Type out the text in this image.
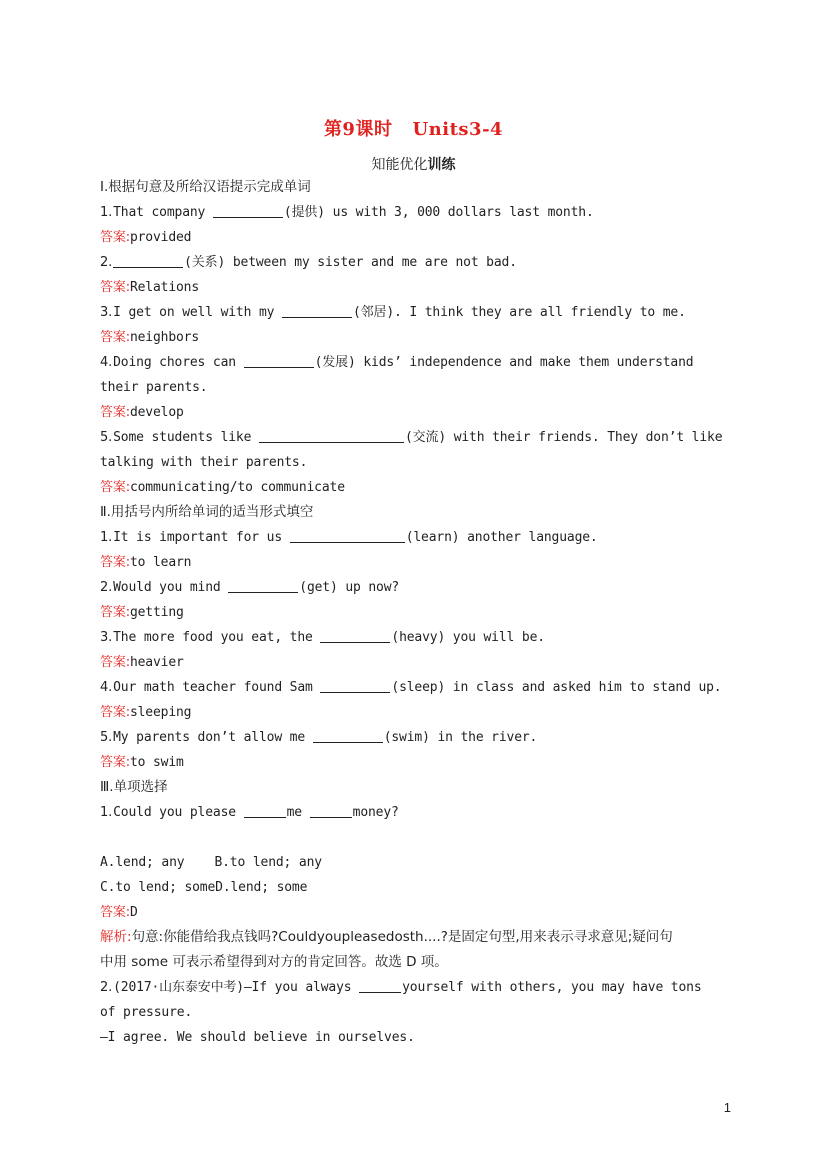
第9课时 Units3-4
知能优化训练
Ⅰ.根据句意及所给汉语提示完成单词
1.That company	(提供) us with 3, 000 dollars last month.
答案:provided
2.	(关系) between my sister and me are not bad.
答案:Relations
3.I get on well with my	(邻居). I think they are all friendly to me.
答案:neighbors
4.Doing chores can	(发展) kids’ independence and make them understand
their parents.
答案:develop
5.Some students like	(交流) with their friends. They don’t like
talking with their parents.
答案:communicating/to communicate
Ⅱ.用括号内所给单词的适当形式填空
1.It is important for us	(learn) another language.
答案:to learn
2.Would you mind	(get) up now?
答案:getting
3.The more food you eat, the	(heavy) you will be.
答案:heavier
4.Our math teacher found Sam	(sleep) in class and asked him to stand up.
答案:sleeping
5.My parents don’t allow me	(swim) in the river.
答案:to swim
Ⅲ.单项选择
1.Could you please	me	money?
A.lend; any B.to lend; any
C.to lend; someD.lend; some
答案:D
解析:句意:你能借给我点钱吗?Couldyoupleasedosth....?是固定句型,用来表示寻求意见;疑问句
中用 some 可表示希望得到对方的肯定回答。故选 D 项。
2.(2017·山东泰安中考)—If you always	yourself with others, you may have tons
of pressure.
—I agree. We should believe in ourselves.
1
